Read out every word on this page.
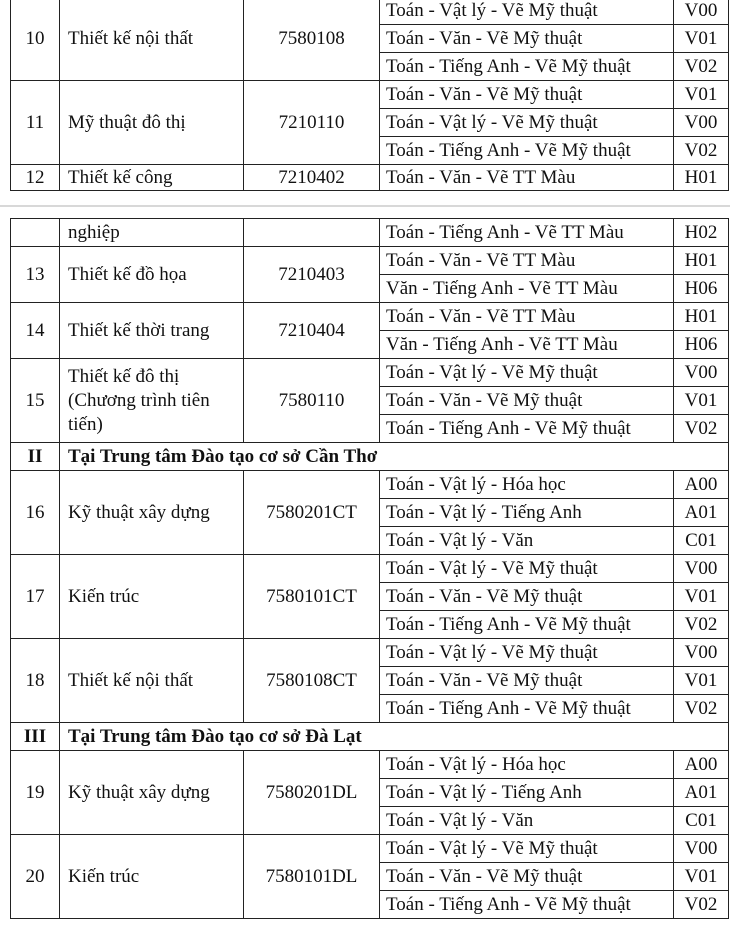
10	Thiết kế nội thất	7580108	Toán - Vật lý - Vẽ Mỹ thuật	V00
			Toán - Văn - Vẽ Mỹ thuật	V01
			Toán - Tiếng Anh - Vẽ Mỹ thuật	V02
11	Mỹ thuật đô thị	7210110	Toán - Văn - Vẽ Mỹ thuật	V01
			Toán - Vật lý - Vẽ Mỹ thuật	V00
			Toán - Tiếng Anh - Vẽ Mỹ thuật	V02
12	Thiết kế công	7210402	Toán - Văn - Vẽ TT Màu	H01
	nghiệp		Toán - Tiếng Anh - Vẽ TT Màu	H02
13	Thiết kế đồ họa	7210403	Toán - Văn - Vẽ TT Màu	H01
			Văn - Tiếng Anh - Vẽ TT Màu	H06
14	Thiết kế thời trang	7210404	Toán - Văn - Vẽ TT Màu	H01
			Văn - Tiếng Anh - Vẽ TT Màu	H06
15	Thiết kế đô thị (Chương trình tiên tiến)	7580110	Toán - Vật lý - Vẽ Mỹ thuật	V00
			Toán - Văn - Vẽ Mỹ thuật	V01
			Toán - Tiếng Anh - Vẽ Mỹ thuật	V02
II	Tại Trung tâm Đào tạo cơ sở Cần Thơ			
16	Kỹ thuật xây dựng	7580201CT	Toán - Vật lý - Hóa học	A00
			Toán - Vật lý - Tiếng Anh	A01
			Toán - Vật lý - Văn	C01
17	Kiến trúc	7580101CT	Toán - Vật lý - Vẽ Mỹ thuật	V00
			Toán - Văn - Vẽ Mỹ thuật	V01
			Toán - Tiếng Anh - Vẽ Mỹ thuật	V02
18	Thiết kế nội thất	7580108CT	Toán - Vật lý - Vẽ Mỹ thuật	V00
			Toán - Văn - Vẽ Mỹ thuật	V01
			Toán - Tiếng Anh - Vẽ Mỹ thuật	V02
III	Tại Trung tâm Đào tạo cơ sở Đà Lạt			
19	Kỹ thuật xây dựng	7580201DL	Toán - Vật lý - Hóa học	A00
			Toán - Vật lý - Tiếng Anh	A01
			Toán - Vật lý - Văn	C01
20	Kiến trúc	7580101DL	Toán - Vật lý - Vẽ Mỹ thuật	V00
			Toán - Văn - Vẽ Mỹ thuật	V01
			Toán - Tiếng Anh - Vẽ Mỹ thuật	V02
